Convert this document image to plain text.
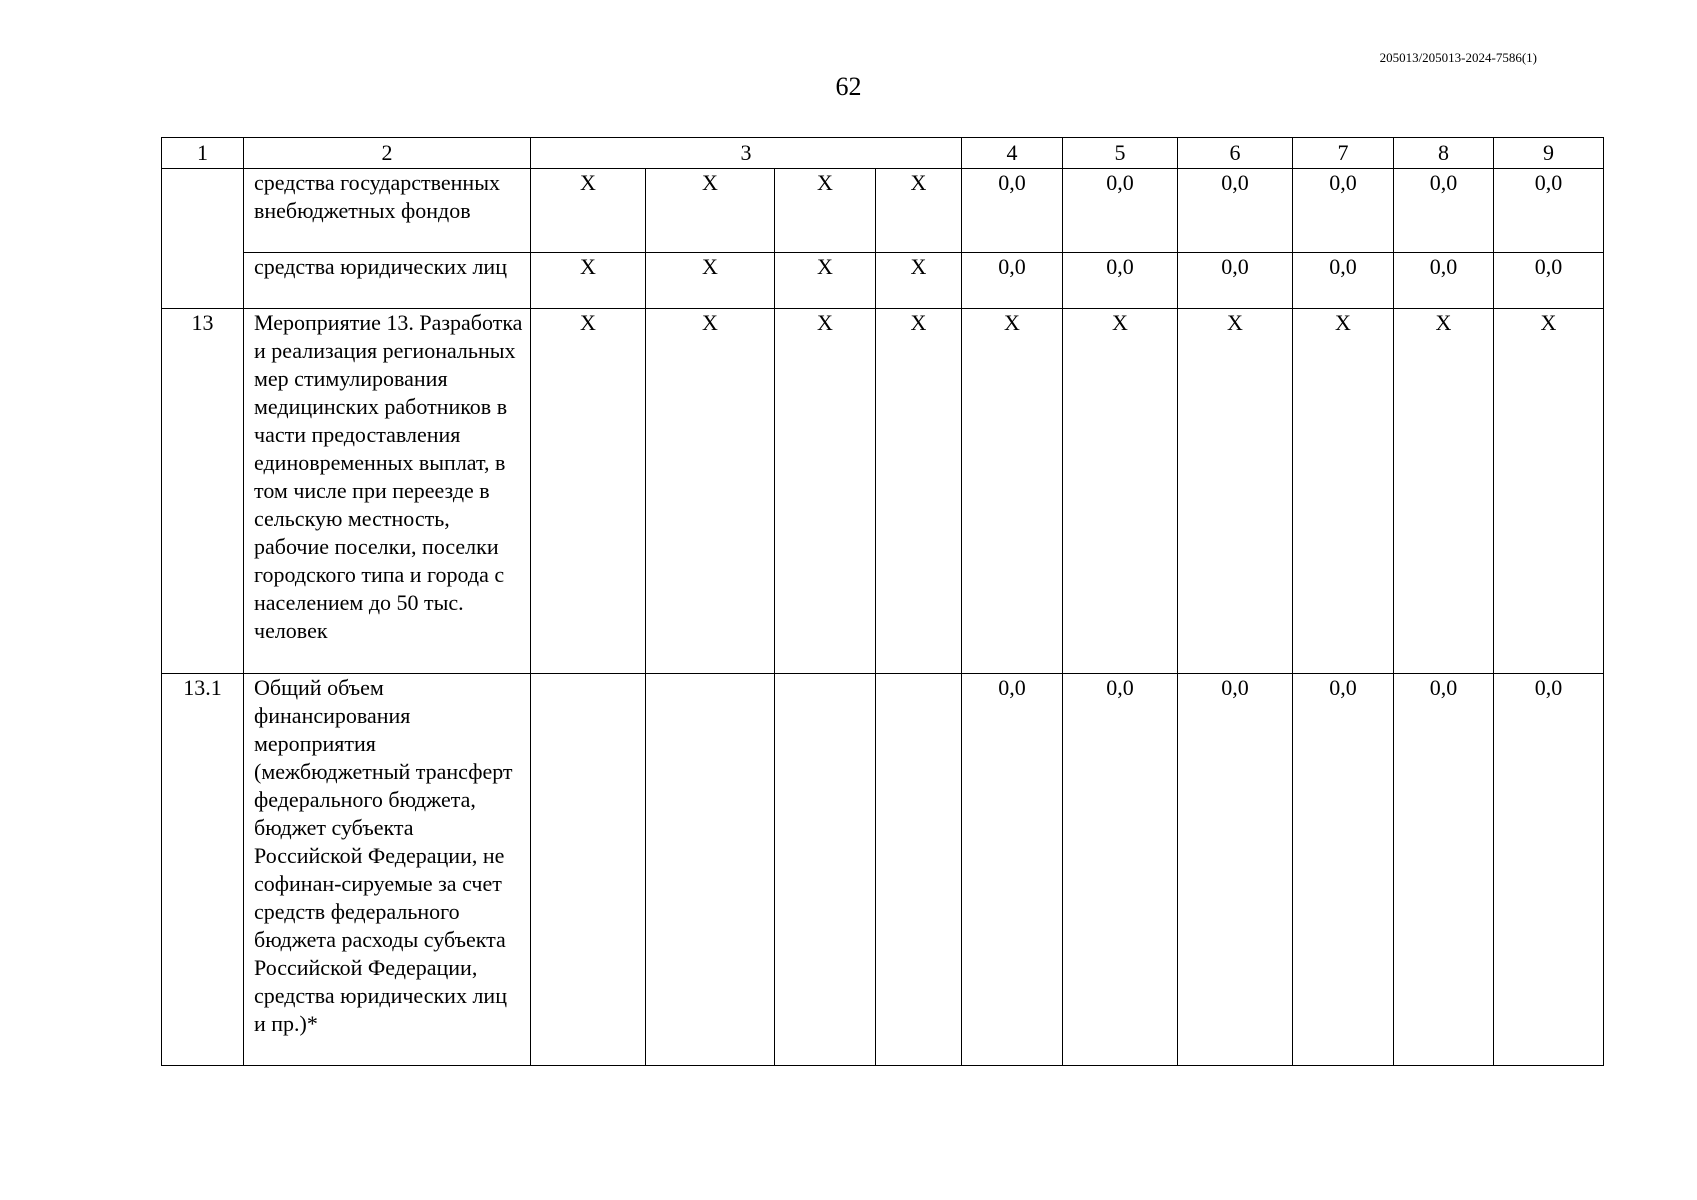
205013/205013-2024-7586(1)
62
1	2	3				4	5	6	7	8	9
	средства государственных внебюджетных фондов	X	X	X	X	0,0	0,0	0,0	0,0	0,0	0,0
	средства юридических лиц	X	X	X	X	0,0	0,0	0,0	0,0	0,0	0,0
13	Мероприятие 13. Разработка и реализация региональных мер стимулирования медицинских работников в части предоставления единовременных выплат, в том числе при переезде в сельскую местность, рабочие поселки, поселки городского типа и города с населением до 50 тыс. человек	X	X	X	X	X	X	X	X	X	X
13.1	Общий объем финансирования мероприятия (межбюджетный трансферт федерального бюджета, бюджет субъекта Российской Федерации, не софинан-сируемые за счет средств федерального бюджета расходы субъекта Российской Федерации, средства юридических лиц и пр.)*					0,0	0,0	0,0	0,0	0,0	0,0
